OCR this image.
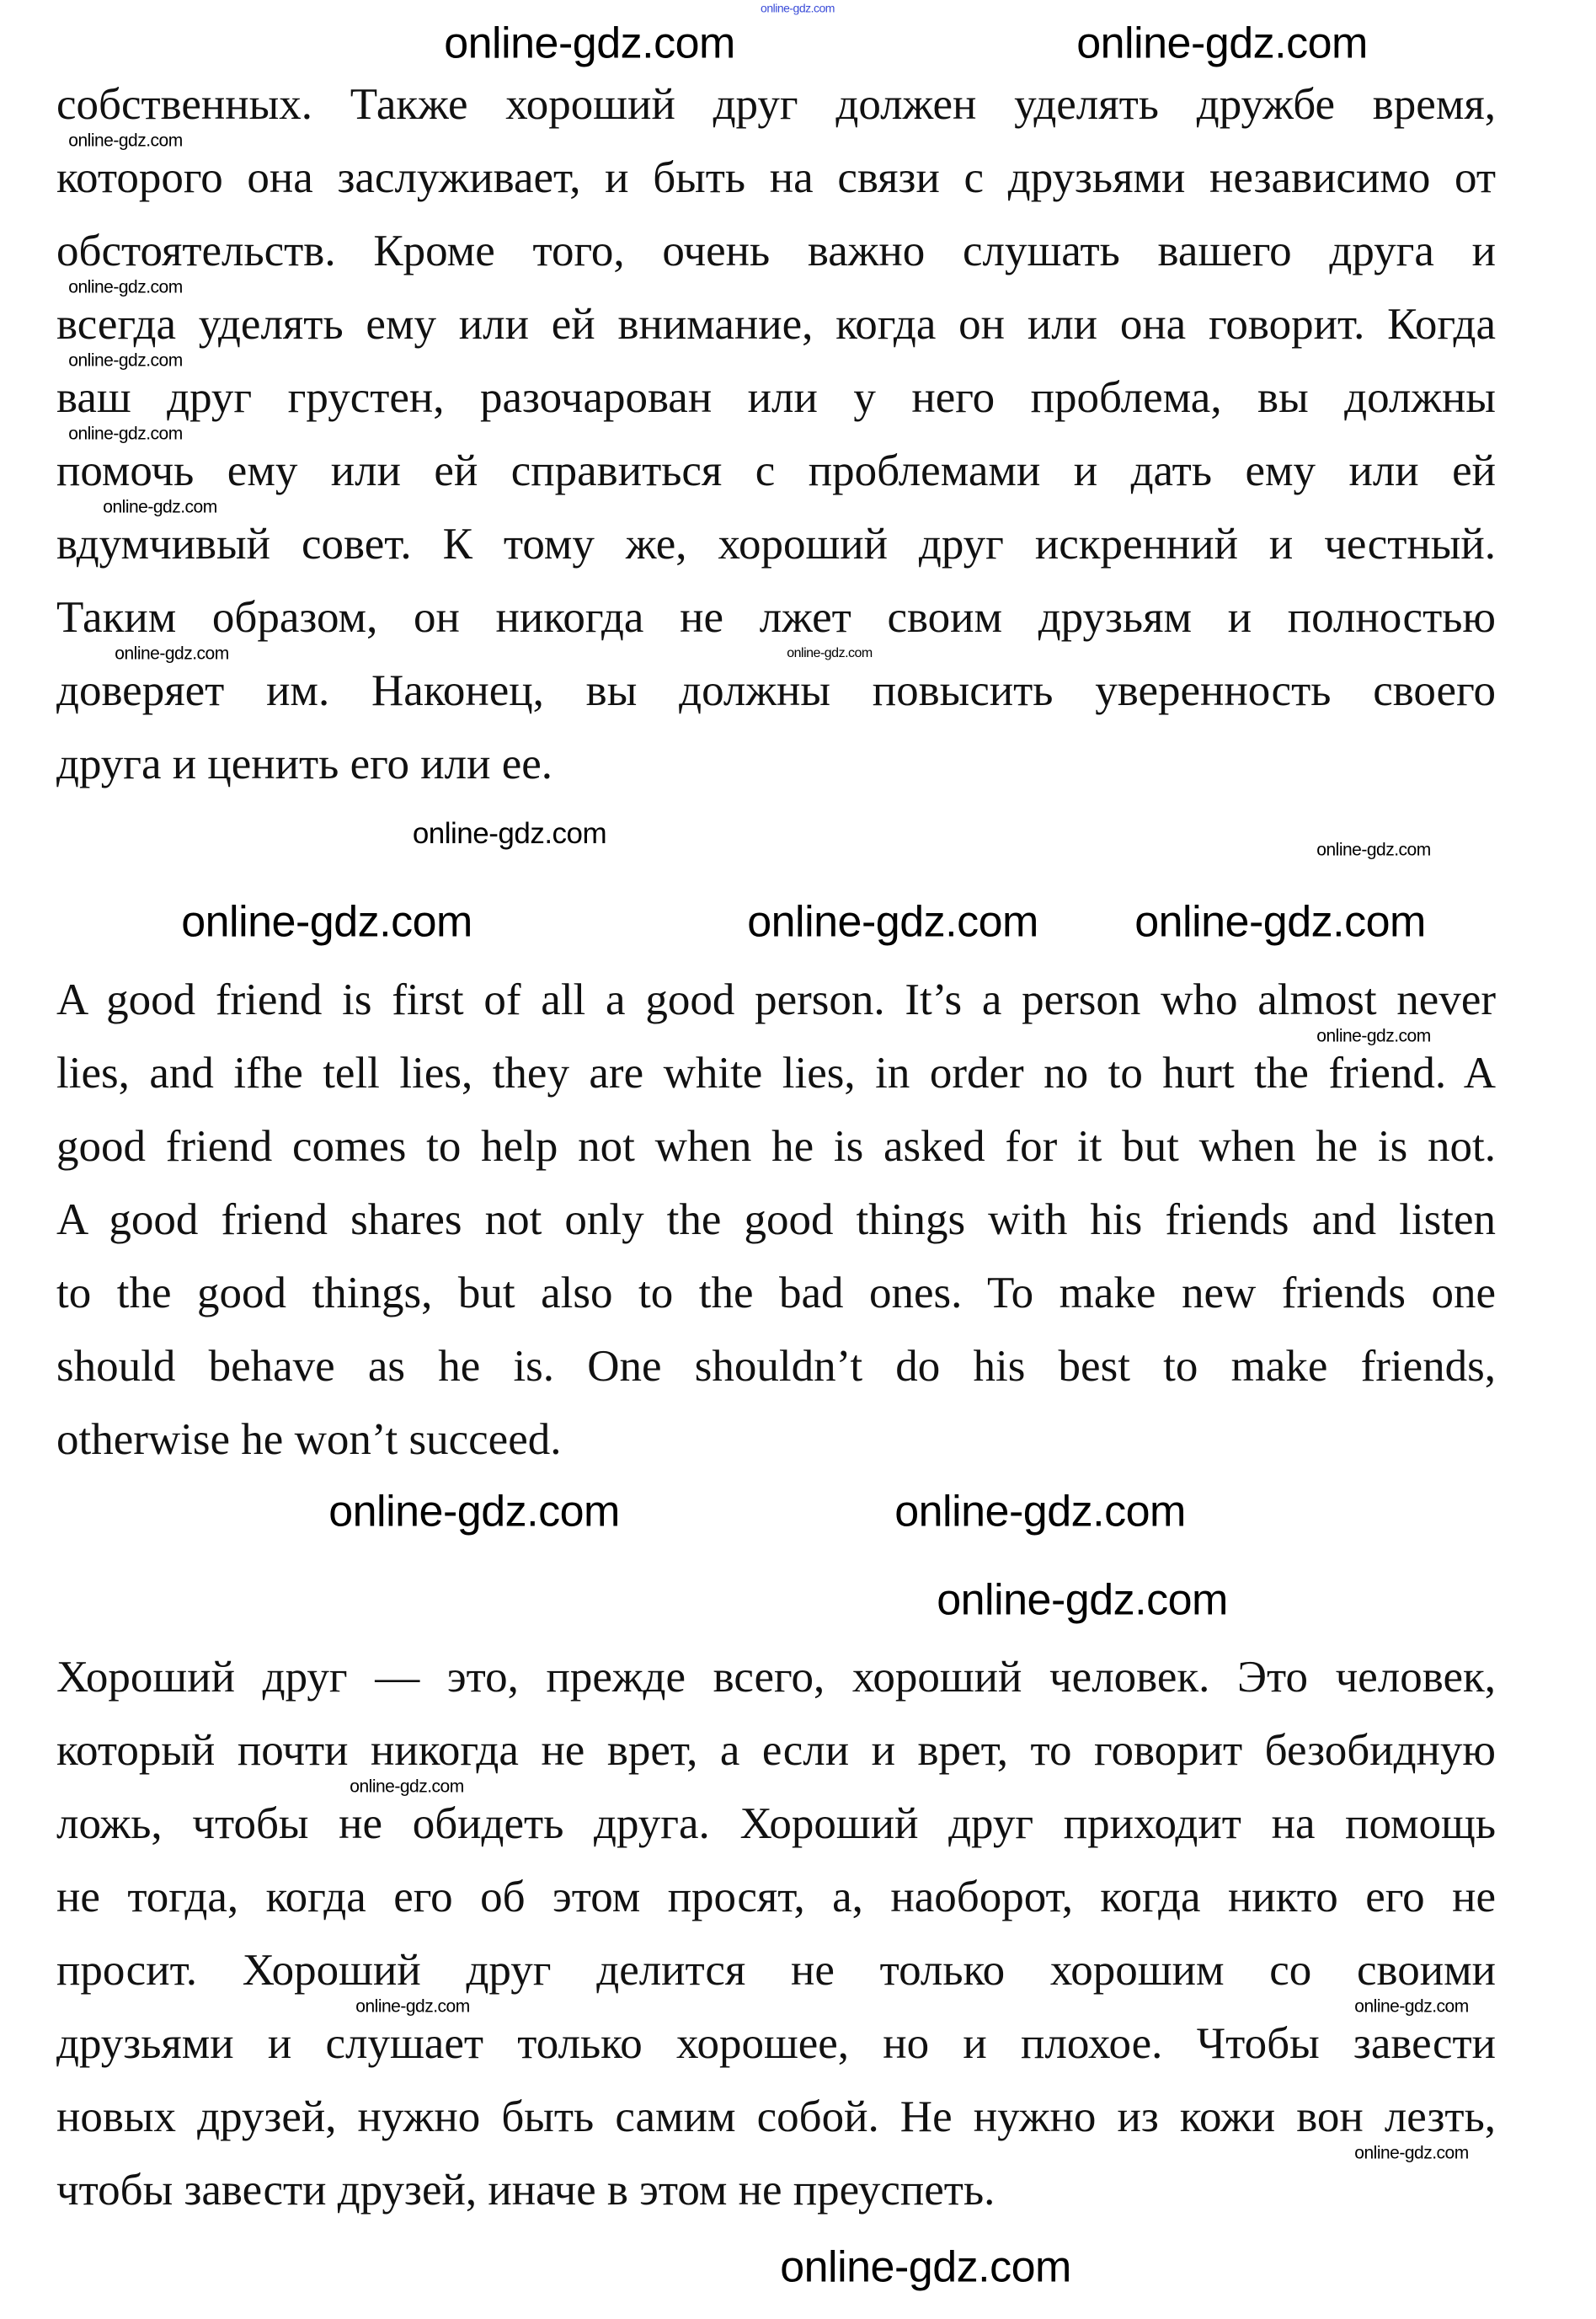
собственных. Также хороший друг должен уделять дружбе время,
которого она заслуживает, и быть на связи с друзьями независимо от
обстоятельств. Кроме того, очень важно слушать вашего друга и
всегда уделять ему или ей внимание, когда он или она говорит. Когда
ваш друг грустен, разочарован или у него проблема, вы должны
помочь ему или ей справиться с проблемами и дать ему или ей
вдумчивый совет. К тому же, хороший друг искренний и честный.
Таким образом, он никогда не лжет своим друзьям и полностью
доверяет им. Наконец, вы должны повысить уверенность своего
друга и ценить его или ее.
A good friend is first of all a good person. It’s a person who almost never
lies, and ifhe tell lies, they are white lies, in order no to hurt the friend. A
good friend comes to help not when he is asked for it but when he is not.
A good friend shares not only the good things with his friends and listen
to the good things, but also to the bad ones. To make new friends one
should behave as he is. One shouldn’t do his best to make friends,
otherwise he won’t succeed.
Хороший друг — это, прежде всего, хороший человек. Это человек,
который почти никогда не врет, а если и врет, то говорит безобидную
ложь, чтобы не обидеть друга. Хороший друг приходит на помощь
не тогда, когда его об этом просят, а, наоборот, когда никто его не
просит. Хороший друг делится не только хорошим со своими
друзьями и слушает только хорошее, но и плохое. Чтобы завести
новых друзей, нужно быть самим собой. Не нужно из кожи вон лезть,
чтобы завести друзей, иначе в этом не преуспеть.
online-gdz.com
online-gdz.com
online-gdz.com
online-gdz.com
online-gdz.com
online-gdz.com
online-gdz.com	online-gdz.com
online-gdz.com
online-gdz.com
online-gdz.com
online-gdz.com	online-gdz.com
online-gdz.com
online-gdz.com
online-gdz.com
online-gdz.com
online-gdz.com
online-gdz.com	online-gdz.com
online-gdz.com
online-gdz.com
online-gdz.com
online-gdz.com
